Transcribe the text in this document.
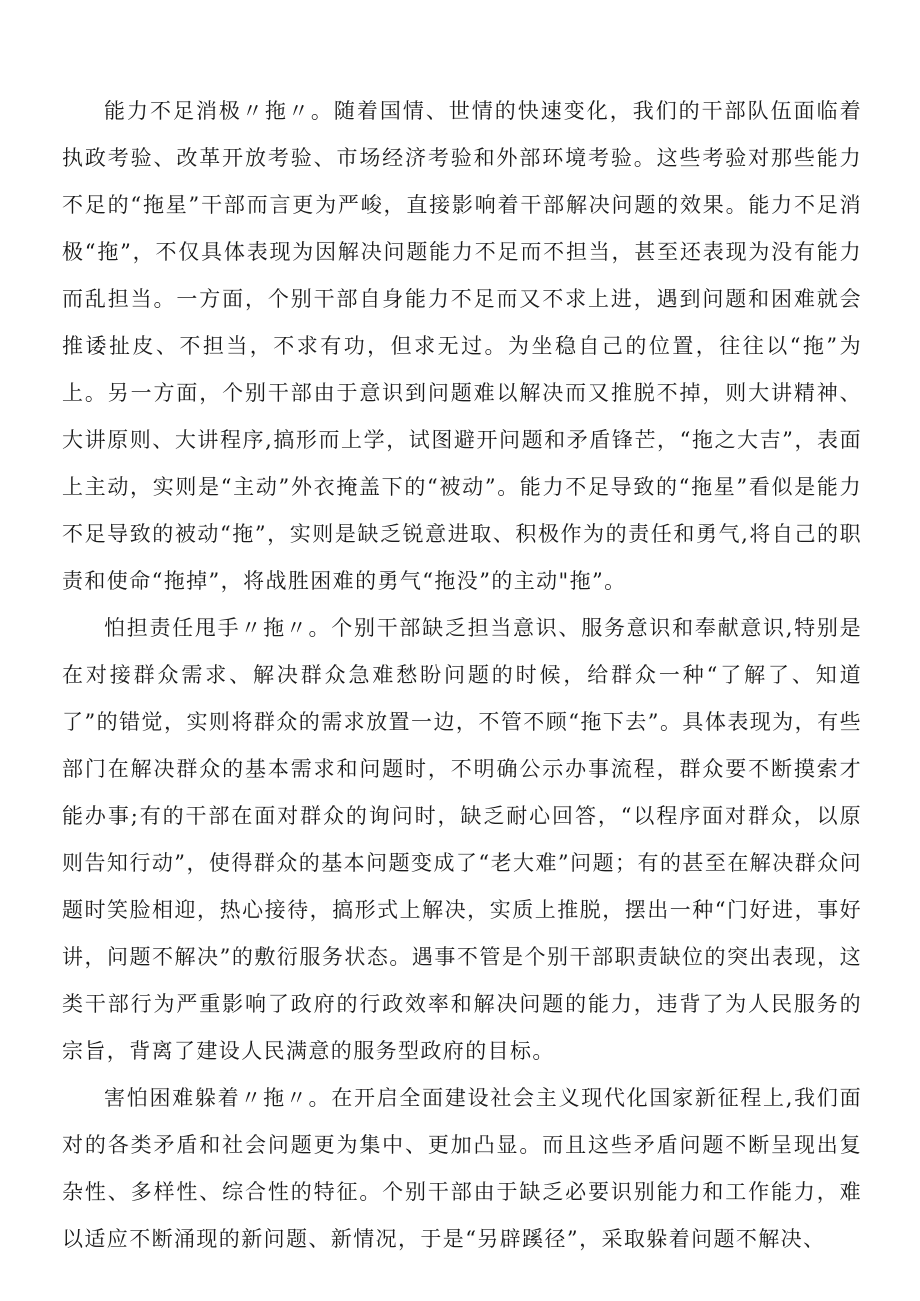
能力不足消极〃拖〃。随着国情、世情的快速变化，我们的干部队伍面临着执政考验、改革开放考验、市场经济考验和外部环境考验。这些考验对那些能力不足的“拖星”干部而言更为严峻，直接影响着干部解决问题的效果。能力不足消极“拖”，不仅具体表现为因解决问题能力不足而不担当，甚至还表现为没有能力而乱担当。一方面，个别干部自身能力不足而又不求上进，遇到问题和困难就会推诿扯皮、不担当，不求有功，但求无过。为坐稳自己的位置，往往以“拖”为上。另一方面，个别干部由于意识到问题难以解决而又推脱不掉，则大讲精神、大讲原则、大讲程序,搞形而上学，试图避开问题和矛盾锋芒，“拖之大吉”，表面上主动，实则是“主动”外衣掩盖下的“被动”。能力不足导致的“拖星”看似是能力不足导致的被动“拖”，实则是缺乏锐意进取、积极作为的责任和勇气,将自己的职责和使命“拖掉”，将战胜困难的勇气“拖没”的主动"拖”。

怕担责任甩手〃拖〃。个别干部缺乏担当意识、服务意识和奉献意识,特别是在对接群众需求、解决群众急难愁盼问题的时候，给群众一种“了解了、知道了”的错觉，实则将群众的需求放置一边，不管不顾“拖下去”。具体表现为，有些部门在解决群众的基本需求和问题时，不明确公示办事流程，群众要不断摸索才能办事;有的干部在面对群众的询问时，缺乏耐心回答，“以程序面对群众，以原则告知行动”，使得群众的基本问题变成了“老大难”问题；有的甚至在解决群众问题时笑脸相迎，热心接待，搞形式上解决，实质上推脱，摆出一种“门好进，事好讲，问题不解决”的敷衍服务状态。遇事不管是个别干部职责缺位的突出表现，这类干部行为严重影响了政府的行政效率和解决问题的能力，违背了为人民服务的宗旨，背离了建设人民满意的服务型政府的目标。

害怕困难躲着〃拖〃。在开启全面建设社会主义现代化国家新征程上,我们面对的各类矛盾和社会问题更为集中、更加凸显。而且这些矛盾问题不断呈现出复杂性、多样性、综合性的特征。个别干部由于缺乏必要识别能力和工作能力，难以适应不断涌现的新问题、新情况，于是“另辟蹊径”，采取躲着问题不解决、
